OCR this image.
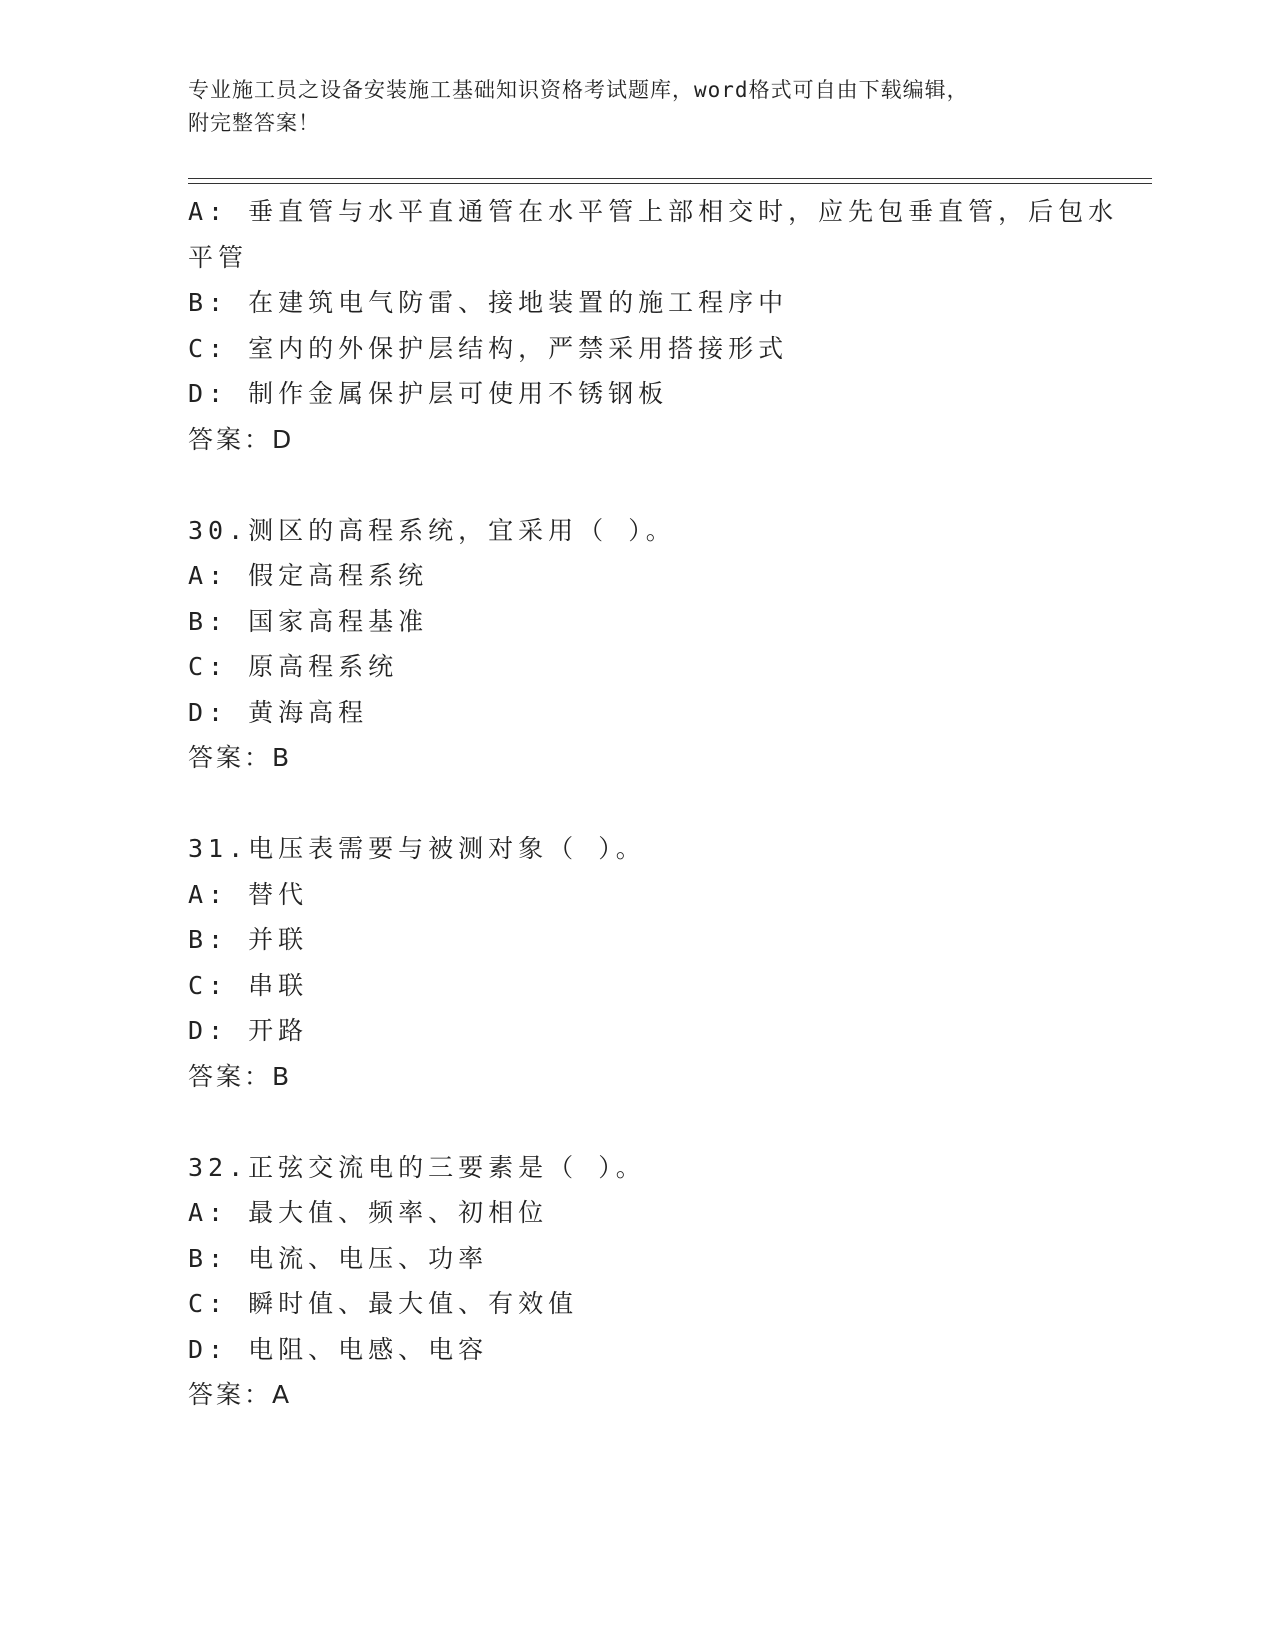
专业施工员之设备安装施工基础知识资格考试题库，word格式可自由下载编辑，
附完整答案！
A: 垂直管与水平直通管在水平管上部相交时，应先包垂直管，后包水
平管
B: 在建筑电气防雷、接地装置的施工程序中
C: 室内的外保护层结构，严禁采用搭接形式
D: 制作金属保护层可使用不锈钢板
答案：D
30.测区的高程系统，宜采用（ ）。
A: 假定高程系统
B: 国家高程基准
C: 原高程系统
D: 黄海高程
答案：B
31.电压表需要与被测对象（ ）。
A: 替代
B: 并联
C: 串联
D: 开路
答案：B
32.正弦交流电的三要素是（ ）。
A: 最大值、频率、初相位
B: 电流、电压、功率
C: 瞬时值、最大值、有效值
D: 电阻、电感、电容
答案：A
